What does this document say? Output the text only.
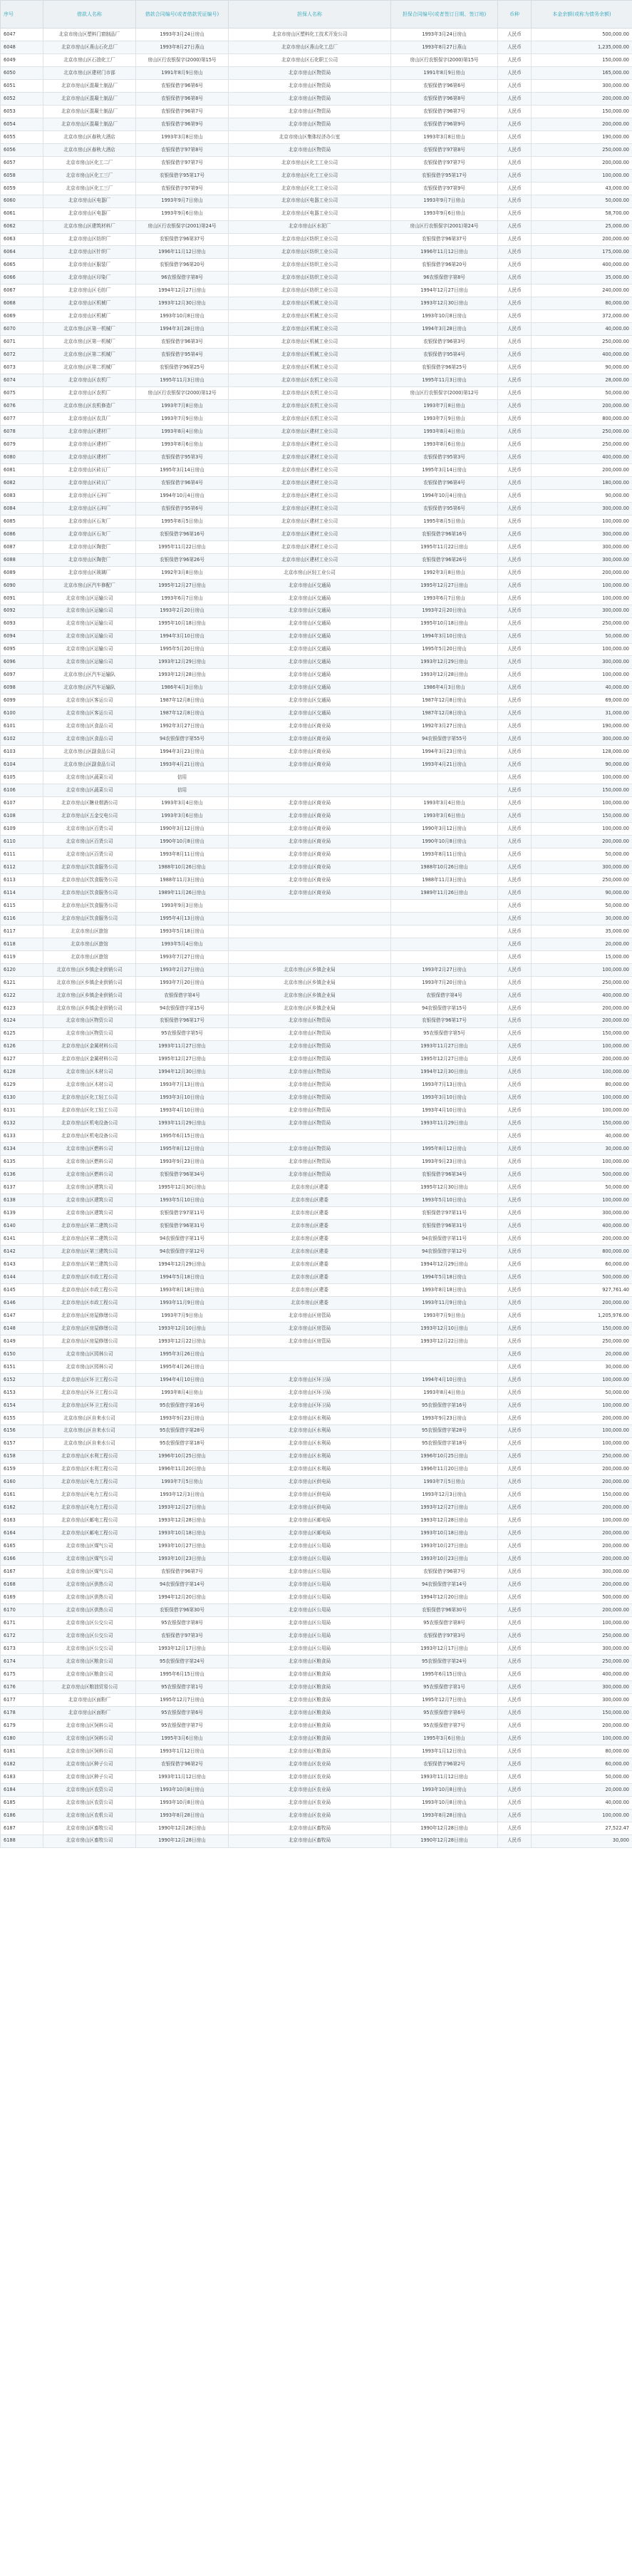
序号	借款人名称	借款合同编号(或者借款凭证编号)	担保人名称	担保合同编号(或者签订日期、签订地)	币种	本金余额(或称为债务余额)
6047	北京市房山区塑料门窗制品厂	1993年3月24日房山	北京市房山区塑料化工技术开发公司	1993年3月24日房山	人民币	500,000.00
6048	北京市房山区燕山石化总厂	1993年8月27日燕山	北京市房山区燕山化工总厂	1993年8月27日燕山	人民币	1,235,000.00
6049	北京市房山区石油化工厂	房山区行农银保字(2000)第15号	北京市房山区石化职工公司	房山区行农银保字(2000)第15号	人民币	150,000.00
6050	北京市房山区建材门市部	1991年8月9日房山	北京市房山区物资局	1991年8月9日房山	人民币	165,000.00
6051	北京市房山区混凝土制品厂	农银保借字96第6号	北京市房山区物资局	农银保借字96第6号	人民币	300,000.00
6052	北京市房山区混凝土制品厂	农银保借字96第8号	北京市房山区物资局	农银保借字96第8号	人民币	200,000.00
6053	北京市房山区混凝土制品厂	农银保借字96第7号	北京市房山区物资局	农银保借字96第7号	人民币	150,000.00
6054	北京市房山区混凝土制品厂	农银保借字96第9号	北京市房山区物资局	农银保借字96第9号	人民币	200,000.00
6055	北京市房山区春秋大酒店	1993年3月8日房山	北京市房山区集体经济办公室	1993年3月8日房山	人民币	190,000.00
6056	北京市房山区春秋大酒店	农银保借字97第8号	北京市房山区物资局	农银保借字97第8号	人民币	250,000.00
6057	北京市房山区化工二厂	农银保借字97第7号	北京市房山区化工工业公司	农银保借字97第7号	人民币	200,000.00
6058	北京市房山区化工三厂	农银保借字95第17号	北京市房山区化工工业公司	农银保借字95第17号	人民币	100,000.00
6059	北京市房山区化工三厂	农银保借字97第9号	北京市房山区化工工业公司	农银保借字97第9号	人民币	43,000.00
6060	北京市房山区电器厂	1993年9月7日房山	北京市房山区电器工业公司	1993年9月7日房山	人民币	50,000.00
6061	北京市房山区电器厂	1993年9月6日房山	北京市房山区电器工业公司	1993年9月6日房山	人民币	58,700.00
6062	北京市房山区建筑材料厂	房山区行农银保字(2001)第24号	北京市房山区水泥厂	房山区行农银保字(2001)第24号	人民币	25,000.00
6063	北京市房山区纺织厂	农银保借字96第37号	北京市房山区纺织工业公司	农银保借字96第37号	人民币	200,000.00
6064	北京市房山区针织厂	1996年11月12日房山	北京市房山区纺织工业公司	1996年11月12日房山	人民币	175,000.00
6065	北京市房山区服装厂	农银保借字96第20号	北京市房山区纺织工业公司	农银保借字96第20号	人民币	400,000.00
6066	北京市房山区印染厂	96农银保借字第8号	北京市房山区纺织工业公司	96农银保借字第8号	人民币	35,000.00
6067	北京市房山区毛纺厂	1994年12月27日房山	北京市房山区纺织工业公司	1994年12月27日房山	人民币	240,000.00
6068	北京市房山区机械厂	1993年12月30日房山	北京市房山区机械工业公司	1993年12月30日房山	人民币	80,000.00
6069	北京市房山区机械厂	1993年10月8日房山	北京市房山区机械工业公司	1993年10月8日房山	人民币	372,000.00
6070	北京市房山区第一机械厂	1994年3月28日房山	北京市房山区机械工业公司	1994年3月28日房山	人民币	40,000.00
6071	北京市房山区第一机械厂	农银保借字96第3号	北京市房山区机械工业公司	农银保借字96第3号	人民币	250,000.00
6072	北京市房山区第二机械厂	农银保借字95第4号	北京市房山区机械工业公司	农银保借字95第4号	人民币	400,000.00
6073	北京市房山区第二机械厂	农银保借字96第25号	北京市房山区机械工业公司	农银保借字96第25号	人民币	90,000.00
6074	北京市房山区农机厂	1995年11月3日房山	北京市房山区农机工业公司	1995年11月3日房山	人民币	28,000.00
6075	北京市房山区农机厂	房山区行农银保字(2000)第12号	北京市房山区农机工业公司	房山区行农银保字(2000)第12号	人民币	50,000.00
6076	北京市房山区农机修造厂	1993年7月8日房山	北京市房山区农机工业公司	1993年7月8日房山	人民币	200,000.00
6077	北京市房山区农具厂	1993年7月9日房山	北京市房山区农机工业公司	1993年7月9日房山	人民币	800,000.00
6078	北京市房山区建材厂	1993年8月4日房山	北京市房山区建材工业公司	1993年8月4日房山	人民币	250,000.00
6079	北京市房山区建材厂	1993年8月6日房山	北京市房山区建材工业公司	1993年8月6日房山	人民币	250,000.00
6080	北京市房山区建材厂	农银保借字95第3号	北京市房山区建材工业公司	农银保借字95第3号	人民币	400,000.00
6081	北京市房山区砖瓦厂	1995年3月14日房山	北京市房山区建材工业公司	1995年3月14日房山	人民币	200,000.00
6082	北京市房山区砖瓦厂	农银保借字96第4号	北京市房山区建材工业公司	农银保借字96第4号	人民币	180,000.00
6083	北京市房山区石料厂	1994年10月4日房山	北京市房山区建材工业公司	1994年10月4日房山	人民币	90,000.00
6084	北京市房山区石料厂	农银保借字95第6号	北京市房山区建材工业公司	农银保借字95第6号	人民币	300,000.00
6085	北京市房山区石灰厂	1995年8月5日房山	北京市房山区建材工业公司	1995年8月5日房山	人民币	100,000.00
6086	北京市房山区石灰厂	农银保借字96第16号	北京市房山区建材工业公司	农银保借字96第16号	人民币	300,000.00
6087	北京市房山区陶瓷厂	1995年11月22日房山	北京市房山区建材工业公司	1995年11月22日房山	人民币	300,000.00
6088	北京市房山区陶瓷厂	农银保借字96第26号	北京市房山区建材工业公司	农银保借字96第26号	人民币	300,000.00
6089	北京市房山区玻璃厂	1992年3月8日房山	北京市房山区轻工业公司	1992年3月8日房山	人民币	200,000.00
6090	北京市房山区汽车修配厂	1995年12月27日房山	北京市房山区交通局	1995年12月27日房山	人民币	100,000.00
6091	北京市房山区运输公司	1993年6月7日房山	北京市房山区交通局	1993年6月7日房山	人民币	100,000.00
6092	北京市房山区运输公司	1993年2月20日房山	北京市房山区交通局	1993年2月20日房山	人民币	300,000.00
6093	北京市房山区运输公司	1995年10月18日房山	北京市房山区交通局	1995年10月18日房山	人民币	250,000.00
6094	北京市房山区运输公司	1994年3月10日房山	北京市房山区交通局	1994年3月10日房山	人民币	50,000.00
6095	北京市房山区运输公司	1995年5月20日房山	北京市房山区交通局	1995年5月20日房山	人民币	100,000.00
6096	北京市房山区运输公司	1993年12月29日房山	北京市房山区交通局	1993年12月29日房山	人民币	300,000.00
6097	北京市房山区汽车运输队	1993年12月28日房山	北京市房山区交通局	1993年12月28日房山	人民币	100,000.00
6098	北京市房山区汽车运输队	1986年4月3日房山	北京市房山区交通局	1986年4月3日房山	人民币	40,000.00
6099	北京市房山区客运公司	1987年12月8日房山	北京市房山区交通局	1987年12月8日房山	人民币	69,000.00
6100	北京市房山区客运公司	1987年12月8日房山	北京市房山区交通局	1987年12月8日房山	人民币	31,000.00
6101	北京市房山区食品公司	1992年3月27日房山	北京市房山区商业局	1992年3月27日房山	人民币	190,000.00
6102	北京市房山区食品公司	94农银保借字第55号	北京市房山区商业局	94农银保借字第55号	人民币	300,000.00
6103	北京市房山区副食品公司	1994年3月23日房山	北京市房山区商业局	1994年3月23日房山	人民币	128,000.00
6104	北京市房山区副食品公司	1993年4月21日房山	北京市房山区商业局	1993年4月21日房山	人民币	90,000.00
6105	北京市房山区蔬菜公司	信用			人民币	100,000.00
6106	北京市房山区蔬菜公司	信用			人民币	150,000.00
6107	北京市房山区糖业烟酒公司	1993年3月4日房山	北京市房山区商业局	1993年3月4日房山	人民币	100,000.00
6108	北京市房山区五金交电公司	1993年3月6日房山	北京市房山区商业局	1993年3月6日房山	人民币	150,000.00
6109	北京市房山区百货公司	1990年3月12日房山	北京市房山区商业局	1990年3月12日房山	人民币	100,000.00
6110	北京市房山区百货公司	1990年10月8日房山	北京市房山区商业局	1990年10月8日房山	人民币	200,000.00
6111	北京市房山区百货公司	1993年8月11日房山	北京市房山区商业局	1993年8月11日房山	人民币	50,000.00
6112	北京市房山区饮食服务公司	1988年10月26日房山	北京市房山区商业局	1988年10月26日房山	人民币	300,000.00
6113	北京市房山区饮食服务公司	1988年11月3日房山	北京市房山区商业局	1988年11月3日房山	人民币	250,000.00
6114	北京市房山区饮食服务公司	1989年11月26日房山	北京市房山区商业局	1989年11月26日房山	人民币	90,000.00
6115	北京市房山区饮食服务公司	1993年9月3日房山			人民币	50,000.00
6116	北京市房山区饮食服务公司	1995年4月13日房山			人民币	30,000.00
6117	北京市房山区旅馆	1993年5月18日房山			人民币	35,000.00
6118	北京市房山区旅馆	1993年5月4日房山			人民币	20,000.00
6119	北京市房山区旅馆	1993年7月27日房山			人民币	15,000.00
6120	北京市房山区乡镇企业供销公司	1993年2月27日房山	北京市房山区乡镇企业局	1993年2月27日房山	人民币	100,000.00
6121	北京市房山区乡镇企业供销公司	1993年7月20日房山	北京市房山区乡镇企业局	1993年7月20日房山	人民币	250,000.00
6122	北京市房山区乡镇企业供销公司	农银保借字第4号	北京市房山区乡镇企业局	农银保借字第4号	人民币	400,000.00
6123	北京市房山区乡镇企业供销公司	94农银保借字第15号	北京市房山区乡镇企业局	94农银保借字第15号	人民币	200,000.00
6124	北京市房山区物资公司	农银保借字96第17号	北京市房山区物资局	农银保借字96第17号	人民币	200,000.00
6125	北京市房山区物资公司	95农银保借字第5号	北京市房山区物资局	95农银保借字第5号	人民币	150,000.00
6126	北京市房山区金属材料公司	1993年11月27日房山	北京市房山区物资局	1993年11月27日房山	人民币	100,000.00
6127	北京市房山区金属材料公司	1995年12月27日房山	北京市房山区物资局	1995年12月27日房山	人民币	200,000.00
6128	北京市房山区木材公司	1994年12月30日房山	北京市房山区物资局	1994年12月30日房山	人民币	100,000.00
6129	北京市房山区木材公司	1993年7月13日房山	北京市房山区物资局	1993年7月13日房山	人民币	80,000.00
6130	北京市房山区化工轻工公司	1993年3月10日房山	北京市房山区物资局	1993年3月10日房山	人民币	100,000.00
6131	北京市房山区化工轻工公司	1993年4月10日房山	北京市房山区物资局	1993年4月10日房山	人民币	100,000.00
6132	北京市房山区机电设备公司	1993年11月29日房山	北京市房山区物资局	1993年11月29日房山	人民币	150,000.00
6133	北京市房山区机电设备公司	1995年6月15日房山			人民币	40,000.00
6134	北京市房山区燃料公司	1995年8月12日房山	北京市房山区物资局	1995年8月12日房山	人民币	30,000.00
6135	北京市房山区燃料公司	1993年9月23日房山	北京市房山区物资局	1993年9月23日房山	人民币	100,000.00
6136	北京市房山区燃料公司	农银保借字96第34号	北京市房山区物资局	农银保借字96第34号	人民币	500,000.00
6137	北京市房山区建筑公司	1995年12月30日房山	北京市房山区建委	1995年12月30日房山	人民币	50,000.00
6138	北京市房山区建筑公司	1993年5月10日房山	北京市房山区建委	1993年5月10日房山	人民币	100,000.00
6139	北京市房山区建筑公司	农银保借字97第11号	北京市房山区建委	农银保借字97第11号	人民币	300,000.00
6140	北京市房山区第二建筑公司	农银保借字96第31号	北京市房山区建委	农银保借字96第31号	人民币	400,000.00
6141	北京市房山区第二建筑公司	94农银保借字第11号	北京市房山区建委	94农银保借字第11号	人民币	200,000.00
6142	北京市房山区第三建筑公司	94农银保借字第12号	北京市房山区建委	94农银保借字第12号	人民币	800,000.00
6143	北京市房山区第三建筑公司	1994年12月29日房山	北京市房山区建委	1994年12月29日房山	人民币	60,000.00
6144	北京市房山区市政工程公司	1994年5月18日房山	北京市房山区建委	1994年5月18日房山	人民币	500,000.00
6145	北京市房山区市政工程公司	1993年8月18日房山	北京市房山区建委	1993年8月18日房山	人民币	927,761.40
6146	北京市房山区市政工程公司	1993年11月9日房山	北京市房山区建委	1993年11月9日房山	人民币	200,000.00
6147	北京市房山区房屋修缮公司	1993年7月9日房山	北京市房山区房管局	1993年7月9日房山	人民币	1,205,976.00
6148	北京市房山区房屋修缮公司	1993年12月10日房山	北京市房山区房管局	1993年12月10日房山	人民币	150,000.00
6149	北京市房山区房屋修缮公司	1993年12月22日房山	北京市房山区房管局	1993年12月22日房山	人民币	250,000.00
6150	北京市房山区园林公司	1995年3月26日房山			人民币	20,000.00
6151	北京市房山区园林公司	1995年4月26日房山			人民币	30,000.00
6152	北京市房山区环卫工程公司	1994年4月10日房山	北京市房山区环卫局	1994年4月10日房山	人民币	100,000.00
6153	北京市房山区环卫工程公司	1993年8月4日房山	北京市房山区环卫局	1993年8月4日房山	人民币	50,000.00
6154	北京市房山区环卫工程公司	95农银保借字第16号	北京市房山区环卫局	95农银保借字第16号	人民币	100,000.00
6155	北京市房山区自来水公司	1993年9月23日房山	北京市房山区水利局	1993年9月23日房山	人民币	200,000.00
6156	北京市房山区自来水公司	95农银保借字第28号	北京市房山区水利局	95农银保借字第28号	人民币	100,000.00
6157	北京市房山区自来水公司	95农银保借字第18号	北京市房山区水利局	95农银保借字第18号	人民币	100,000.00
6158	北京市房山区水利工程公司	1996年10月25日房山	北京市房山区水利局	1996年10月25日房山	人民币	250,000.00
6159	北京市房山区水利工程公司	1996年11月20日房山	北京市房山区水利局	1996年11月20日房山	人民币	200,000.00
6160	北京市房山区电力工程公司	1993年7月5日房山	北京市房山区供电局	1993年7月5日房山	人民币	200,000.00
6161	北京市房山区电力工程公司	1993年12月3日房山	北京市房山区供电局	1993年12月3日房山	人民币	150,000.00
6162	北京市房山区电力工程公司	1993年12月27日房山	北京市房山区供电局	1993年12月27日房山	人民币	200,000.00
6163	北京市房山区邮电工程公司	1993年12月28日房山	北京市房山区邮电局	1993年12月28日房山	人民币	100,000.00
6164	北京市房山区邮电工程公司	1993年10月18日房山	北京市房山区邮电局	1993年10月18日房山	人民币	200,000.00
6165	北京市房山区煤气公司	1993年10月27日房山	北京市房山区公用局	1993年10月27日房山	人民币	200,000.00
6166	北京市房山区煤气公司	1993年10月23日房山	北京市房山区公用局	1993年10月23日房山	人民币	200,000.00
6167	北京市房山区煤气公司	农银保借字96第7号	北京市房山区公用局	农银保借字96第7号	人民币	300,000.00
6168	北京市房山区供热公司	94农银保借字第14号	北京市房山区公用局	94农银保借字第14号	人民币	200,000.00
6169	北京市房山区供热公司	1994年12月20日房山	北京市房山区公用局	1994年12月20日房山	人民币	500,000.00
6170	北京市房山区供热公司	农银保借字96第30号	北京市房山区公用局	农银保借字96第30号	人民币	200,000.00
6171	北京市房山区公交公司	95农银保借字第8号	北京市房山区公用局	95农银保借字第8号	人民币	100,000.00
6172	北京市房山区公交公司	农银保借字97第3号	北京市房山区公用局	农银保借字97第3号	人民币	250,000.00
6173	北京市房山区公交公司	1993年12月17日房山	北京市房山区公用局	1993年12月17日房山	人民币	300,000.00
6174	北京市房山区粮食公司	95农银保借字第24号	北京市房山区粮食局	95农银保借字第24号	人民币	250,000.00
6175	北京市房山区粮食公司	1995年6月15日房山	北京市房山区粮食局	1995年6月15日房山	人民币	400,000.00
6176	北京市房山区粮油贸易公司	95农银保借字第1号	北京市房山区粮食局	95农银保借字第1号	人民币	300,000.00
6177	北京市房山区面粉厂	1995年12月7日房山	北京市房山区粮食局	1995年12月7日房山	人民币	300,000.00
6178	北京市房山区面粉厂	95农银保借字第6号	北京市房山区粮食局	95农银保借字第6号	人民币	150,000.00
6179	北京市房山区饲料公司	95农银保借字第7号	北京市房山区粮食局	95农银保借字第7号	人民币	200,000.00
6180	北京市房山区饲料公司	1995年3月6日房山	北京市房山区粮食局	1995年3月6日房山	人民币	100,000.00
6181	北京市房山区饲料公司	1993年1月12日房山	北京市房山区粮食局	1993年1月12日房山	人民币	80,000.00
6182	北京市房山区种子公司	农银保借字96第2号	北京市房山区农业局	农银保借字96第2号	人民币	60,000.00
6183	北京市房山区种子公司	1993年11月12日房山	北京市房山区农业局	1993年11月12日房山	人民币	50,000.00
6184	北京市房山区农资公司	1993年10月8日房山	北京市房山区农业局	1993年10月8日房山	人民币	20,000.00
6185	北京市房山区农资公司	1993年10月8日房山	北京市房山区农业局	1993年10月8日房山	人民币	40,000.00
6186	北京市房山区农机公司	1993年8月28日房山	北京市房山区农业局	1993年8月28日房山	人民币	100,000.00
6187	北京市房山区畜牧公司	1990年12月28日房山	北京市房山区畜牧局	1990年12月28日房山	人民币	27,522.47
6188	北京市房山区畜牧公司	1990年12月28日房山	北京市房山区畜牧局	1990年12月28日房山	人民币	30,000
